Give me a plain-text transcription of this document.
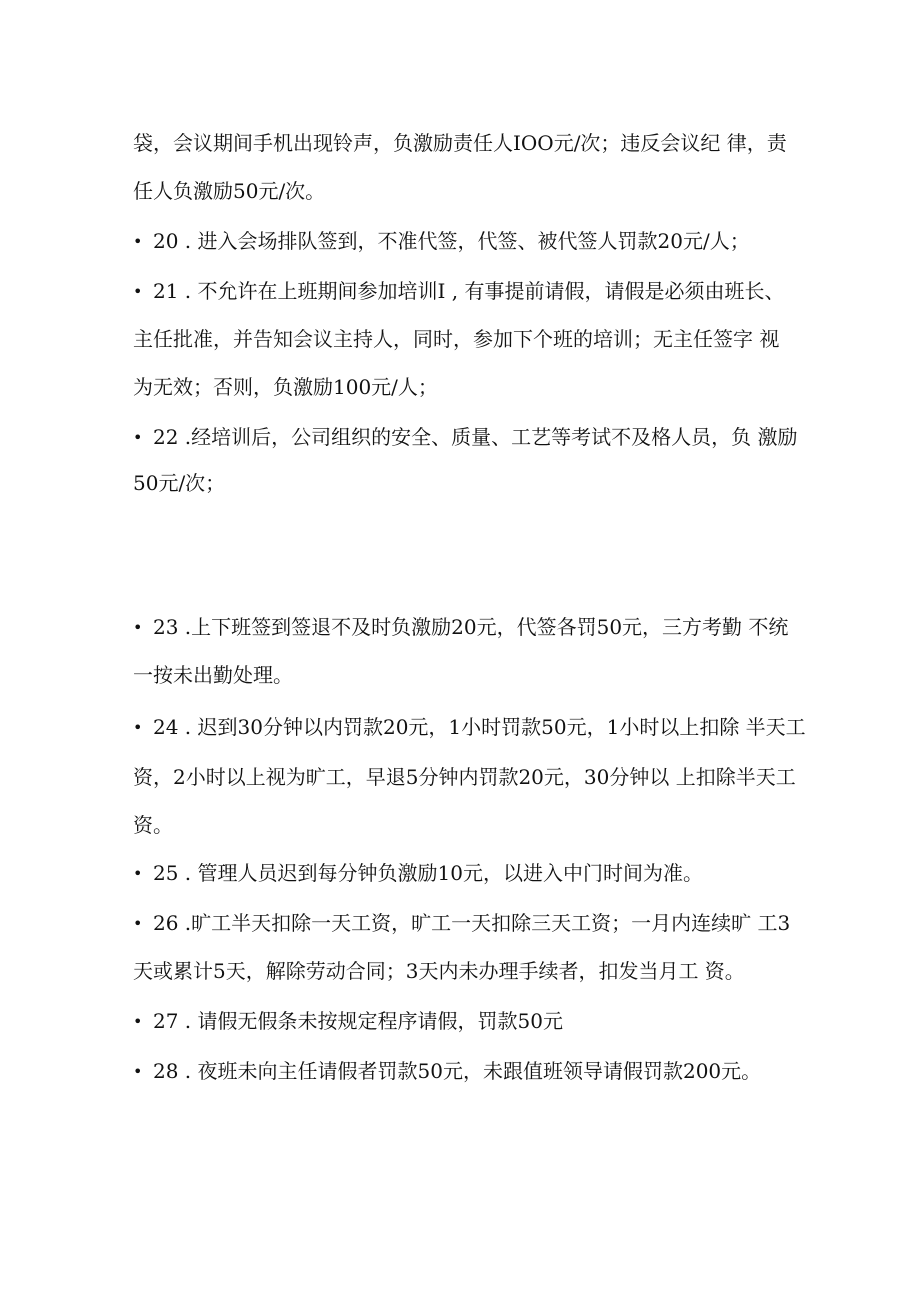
袋，会议期间手机出现铃声，负激励责任人IOO元/次；违反会议纪 律，责
任人负激励50元/次。
• 20 . 进入会场排队签到，不准代签，代签、被代签人罚款20元/人；
• 21 . 不允许在上班期间参加培训I , 有事提前请假，请假是必须由班长、
主任批准，并告知会议主持人，同时，参加下个班的培训；无主任签字 视
为无效；否则，负激励100元/人；
• 22 .经培训后，公司组织的安全、质量、工艺等考试不及格人员，负 激励
50元/次；
• 23 .上下班签到签退不及时负激励20元，代签各罚50元，三方考勤 不统
一按未出勤处理。
• 24 . 迟到30分钟以内罚款20元，1小时罚款50元，1小时以上扣除 半天工
资，2小时以上视为旷工，早退5分钟内罚款20元，30分钟以 上扣除半天工
资。
• 25 . 管理人员迟到每分钟负激励10元，以进入中门时间为准。
• 26 .旷工半天扣除一天工资，旷工一天扣除三天工资；一月内连续旷 工3
天或累计5天，解除劳动合同；3天内未办理手续者，扣发当月工 资。
• 27 . 请假无假条未按规定程序请假，罚款50元
• 28 . 夜班未向主任请假者罚款50元，未跟值班领导请假罚款200元。
